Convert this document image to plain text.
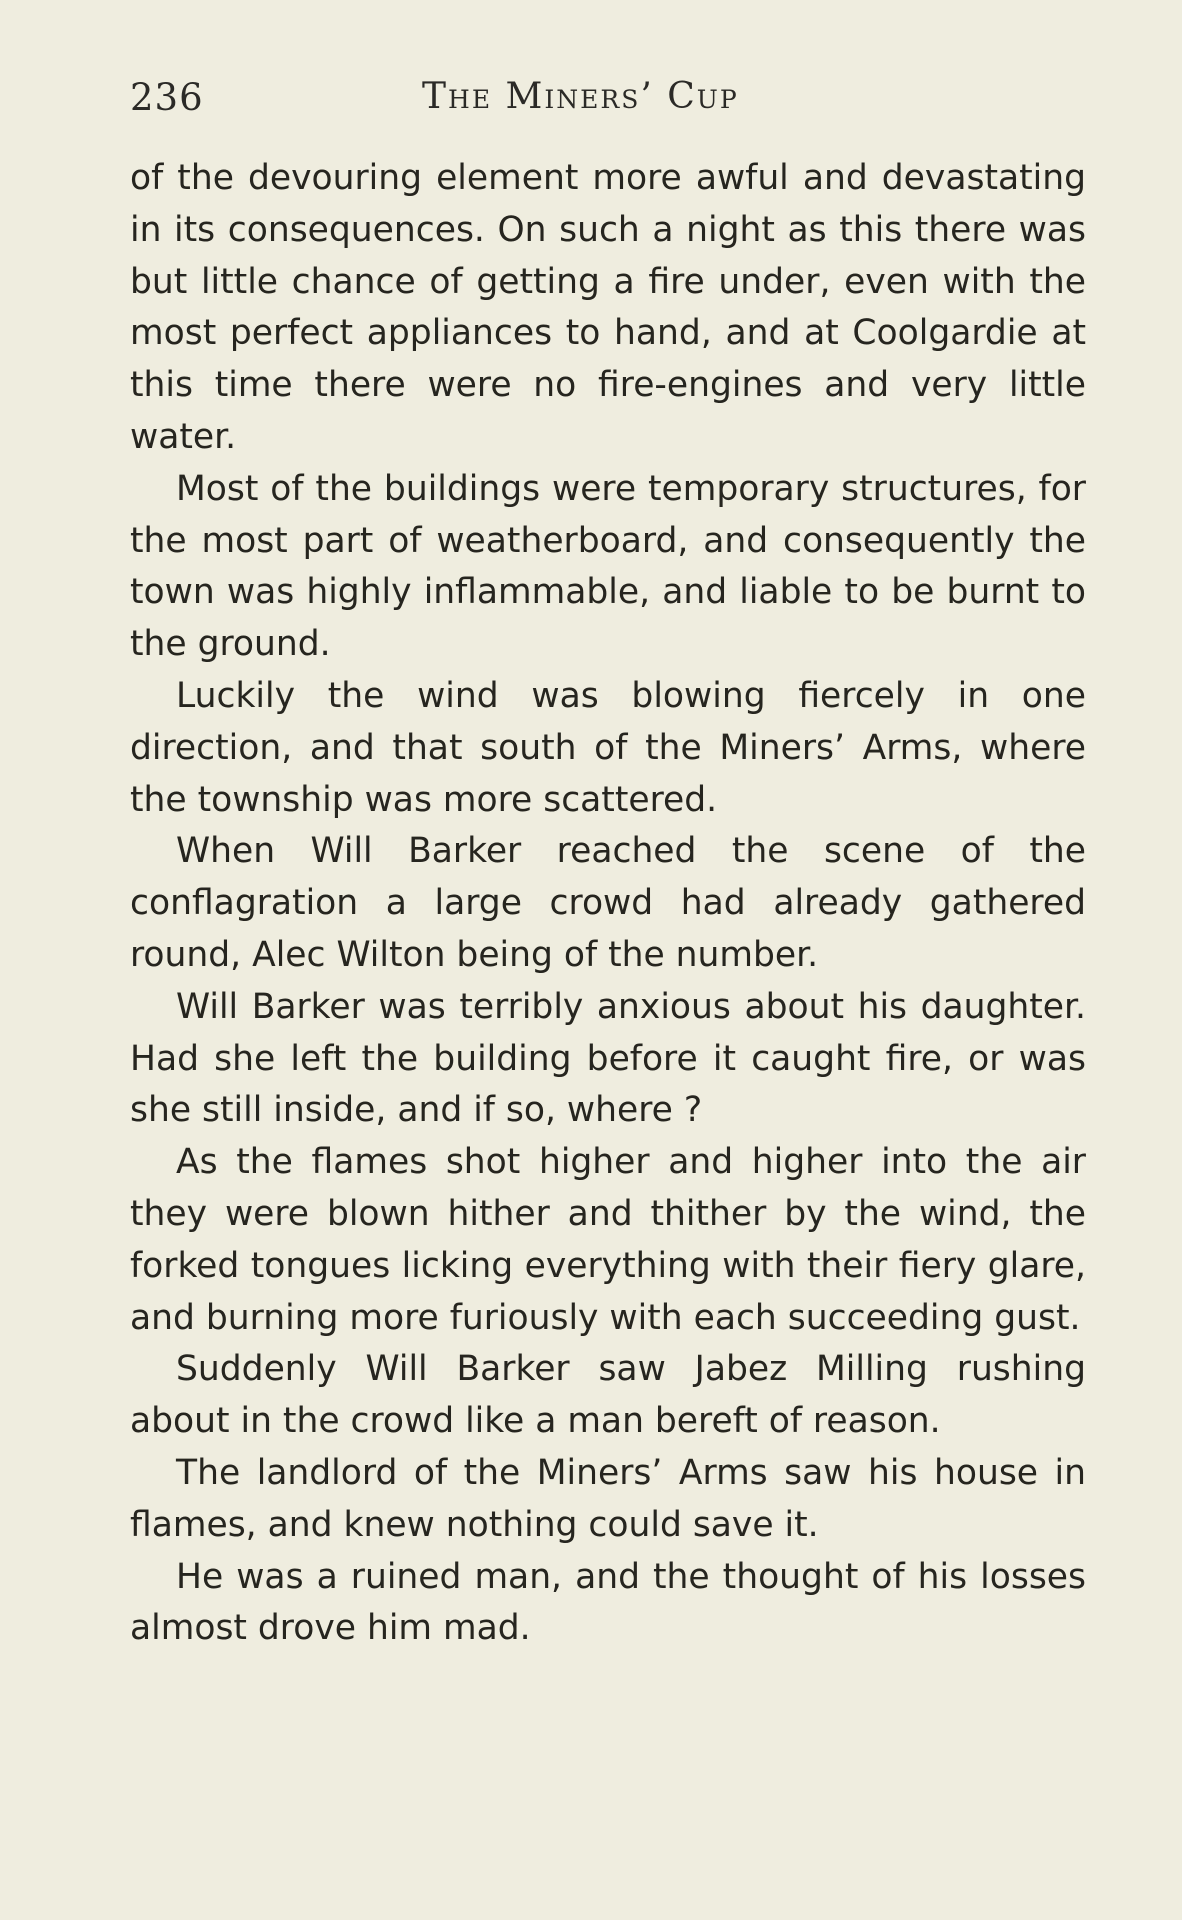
236	The Miners’ Cup

of the devouring element more awful and devastating in its consequences. On such a night as this there was but little chance of getting a fire under, even with the most perfect appliances to hand, and at Coolgardie at this time there were no fire-engines and very little water.

Most of the buildings were temporary structures, for the most part of weatherboard, and consequently the town was highly inflammable, and liable to be burnt to the ground.

Luckily the wind was blowing fiercely in one direction, and that south of the Miners’ Arms, where the township was more scattered.

When Will Barker reached the scene of the conflagration a large crowd had already gathered round, Alec Wilton being of the number.

Will Barker was terribly anxious about his daughter. Had she left the building before it caught fire, or was she still inside, and if so, where ?

As the flames shot higher and higher into the air they were blown hither and thither by the wind, the forked tongues licking everything with their fiery glare, and burning more furiously with each succeeding gust.

Suddenly Will Barker saw Jabez Milling rushing about in the crowd like a man bereft of reason.

The landlord of the Miners’ Arms saw his house in flames, and knew nothing could save it.

He was a ruined man, and the thought of his losses almost drove him mad.
